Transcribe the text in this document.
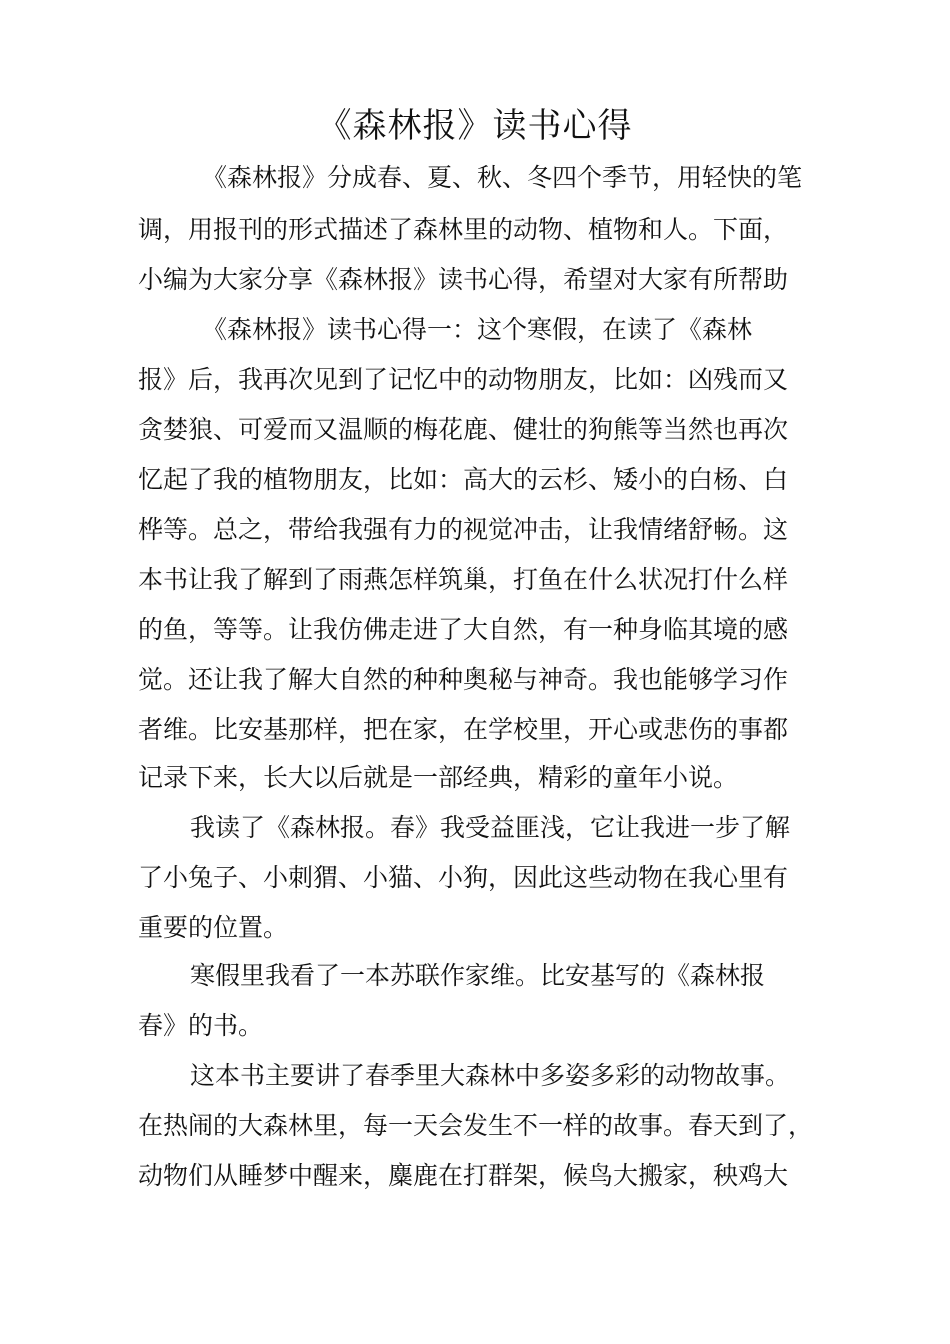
《森林报》读书心得
《森林报》分成春、夏、秋、冬四个季节，用轻快的笔
调，用报刊的形式描述了森林里的动物、植物和人。下面，
小编为大家分享《森林报》读书心得，希望对大家有所帮助
《森林报》读书心得一：这个寒假，在读了《森林
报》后，我再次见到了记忆中的动物朋友，比如：凶残而又
贪婪狼、可爱而又温顺的梅花鹿、健壮的狗熊等当然也再次
忆起了我的植物朋友，比如：高大的云杉、矮小的白杨、白
桦等。总之，带给我强有力的视觉冲击，让我情绪舒畅。这
本书让我了解到了雨燕怎样筑巢，打鱼在什么状况打什么样
的鱼，等等。让我仿佛走进了大自然，有一种身临其境的感
觉。还让我了解大自然的种种奥秘与神奇。我也能够学习作
者维。比安基那样，把在家，在学校里，开心或悲伤的事都
记录下来，长大以后就是一部经典，精彩的童年小说。
我读了《森林报。春》我受益匪浅，它让我进一步了解
了小兔子、小刺猬、小猫、小狗，因此这些动物在我心里有
重要的位置。
寒假里我看了一本苏联作家维。比安基写的《森林报
春》的书。
这本书主要讲了春季里大森林中多姿多彩的动物故事。
在热闹的大森林里，每一天会发生不一样的故事。春天到了，
动物们从睡梦中醒来，麋鹿在打群架，候鸟大搬家，秧鸡大
